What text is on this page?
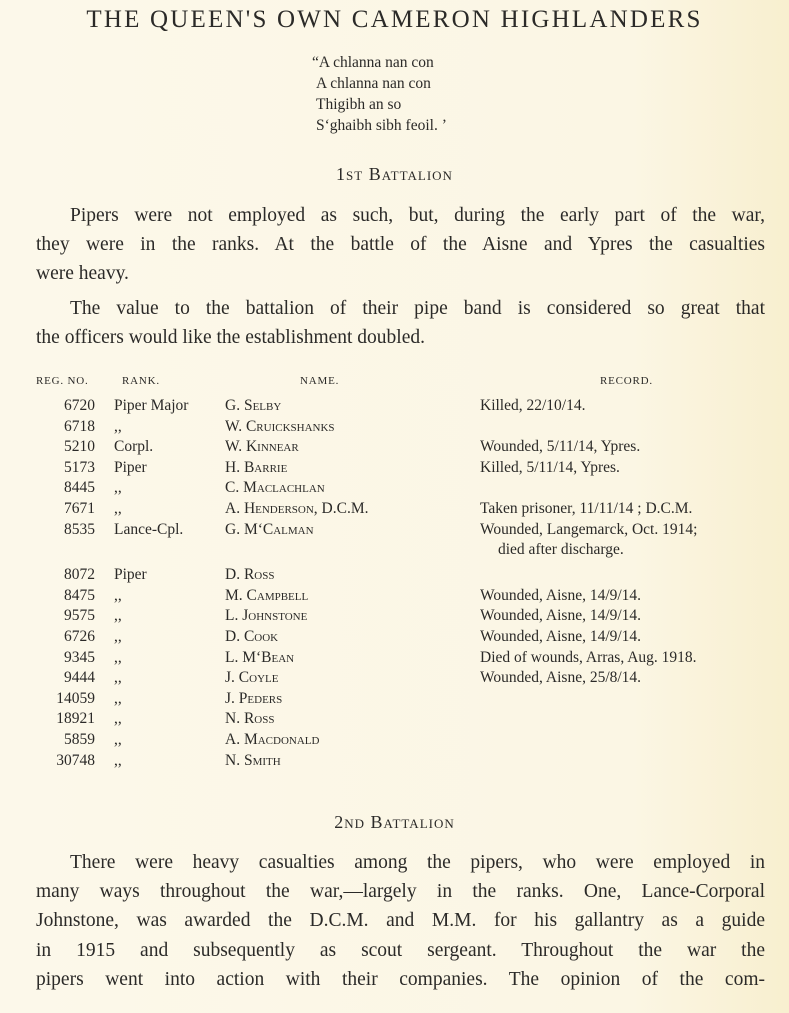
THE QUEEN'S OWN CAMERON HIGHLANDERS
“A chlanna nan con
A chlanna nan con
Thigibh an so
S‘ghaibh sibh feoil. ’
1st Battalion
Pipers were not employed as such, but, during the early part of the war,
they were in the ranks. At the battle of the Aisne and Ypres the casualties
were heavy.
The value to the battalion of their pipe band is considered so great that
the officers would like the establishment doubled.
REG. NO.	RANK.	NAME.	RECORD.
6720 Piper Major G. Selby	Killed, 22/10/14.
6718 ,,	W. Cruickshanks
5210 Corpl.	W. Kinnear	Wounded, 5/11/14, Ypres.
5173 Piper	H. Barrie	Killed, 5/11/14, Ypres.
8445 ,,	C. Maclachlan
7671 ,,	A. Henderson, D.C.M.	Taken prisoner, 11/11/14 ; D.C.M.
8535 Lance-Cpl.	G. M‘Calman	Wounded, Langemarck, Oct. 1914;
died after discharge.
8072 Piper	D. Ross
8475 ,,	M. Campbell	Wounded, Aisne, 14/9/14.
9575 ,,	L. Johnstone	Wounded, Aisne, 14/9/14.
6726 ,,	D. Cook	Wounded, Aisne, 14/9/14.
9345 ,,	L. M‘Bean	Died of wounds, Arras, Aug. 1918.
9444 ,,	J. Coyle	Wounded, Aisne, 25/8/14.
14059 ,,	J. Peders
18921 ,,	N. Ross
5859 ,,	A. Macdonald
30748 ,,	N. Smith
2nd Battalion
There were heavy casualties among the pipers, who were employed in
many ways throughout the war,—largely in the ranks. One, Lance-Corporal
Johnstone, was awarded the D.C.M. and M.M. for his gallantry as a guide
in 1915 and subsequently as scout sergeant. Throughout the war the
pipers went into action with their companies. The opinion of the com-
